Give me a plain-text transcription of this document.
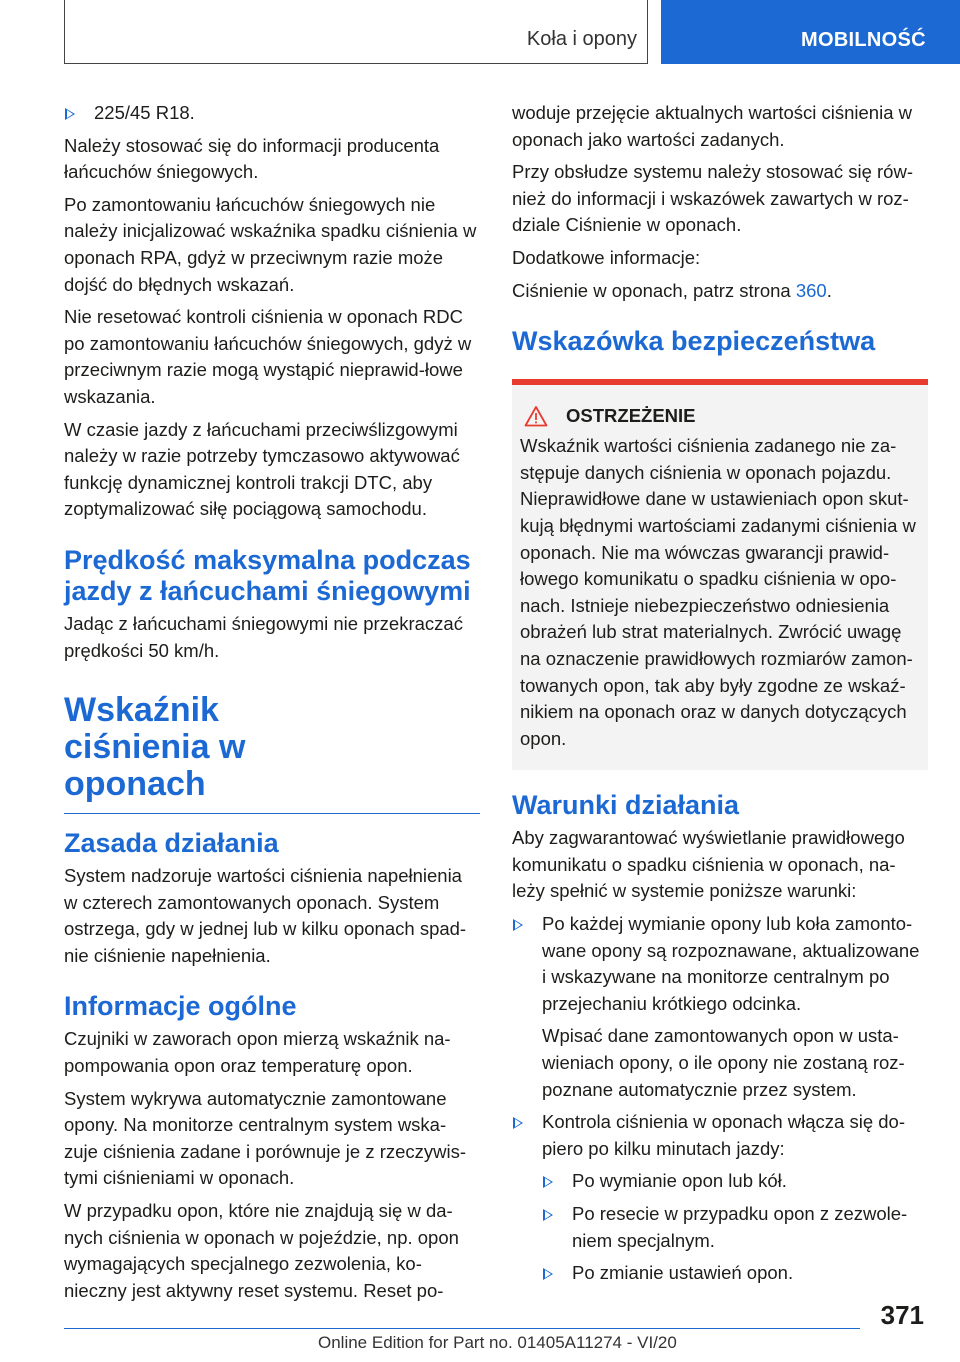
Koła i opony	MOBILNOŚĆ
225/45 R18.

Należy stosować się do informacji producenta łańcuchów śniegowych.

Po zamontowaniu łańcuchów śniegowych nie należy inicjalizować wskaźnika spadku ciśnienia w oponach RPA, gdyż w przeciwnym razie może dojść do błędnych wskazań.

Nie resetować kontroli ciśnienia w oponach RDC po zamontowaniu łańcuchów śniegowych, gdyż w przeciwnym razie mogą wystąpić nieprawid-łowe wskazania.

W czasie jazdy z łańcuchami przeciwślizgowymi należy w razie potrzeby tymczasowo aktywować funkcję dynamicznej kontroli trakcji DTC, aby zoptymalizować siłę pociągową samochodu.

Prędkość maksymalna podczas jazdy z łańcuchami śniegowymi

Jadąc z łańcuchami śniegowymi nie przekraczać prędkości 50 km/h.

Wskaźnik ciśnienia w oponach
Zasada działania

System nadzoruje wartości ciśnienia napełnienia w czterech zamontowanych oponach. System ostrzega, gdy w jednej lub w kilku oponach spad-nie ciśnienie napełnienia.

Informacje ogólne

Czujniki w zaworach opon mierzą wskaźnik na-pompowania opon oraz temperaturę opon.

System wykrywa automatycznie zamontowane opony. Na monitorze centralnym system wska-zuje ciśnienia zadane i porównuje je z rzeczywis-tymi ciśnieniami w oponach.

W przypadku opon, które nie znajdują się w da-nych ciśnienia w oponach w pojeździe, np. opon wymagających specjalnego zezwolenia, ko-nieczny jest aktywny reset systemu. Reset po-

woduje przejęcie aktualnych wartości ciśnienia w oponach jako wartości zadanych.

Przy obsłudze systemu należy stosować się rów-nież do informacji i wskazówek zawartych w roz-dziale Ciśnienie w oponach.

Dodatkowe informacje:

Ciśnienie w oponach, patrz strona 360.

Wskazówka bezpieczeństwa
OSTRZEŻENIE

Wskaźnik wartości ciśnienia zadanego nie za-stępuje danych ciśnienia w oponach pojazdu. Nieprawidłowe dane w ustawieniach opon skut-kują błędnymi wartościami zadanymi ciśnienia w oponach. Nie ma wówczas gwarancji prawid-łowego komunikatu o spadku ciśnienia w opo-nach. Istnieje niebezpieczeństwo odniesienia obrażeń lub strat materialnych. Zwrócić uwagę na oznaczenie prawidłowych rozmiarów zamon-towanych opon, tak aby były zgodne ze wskaź-nikiem na oponach oraz w danych dotyczących opon.

Warunki działania

Aby zagwarantować wyświetlanie prawidłowego komunikatu o spadku ciśnienia w oponach, na-leży spełnić w systemie poniższe warunki:

Po każdej wymianie opony lub koła zamonto-wane opony są rozpoznawane, aktualizowane i wskazywane na monitorze centralnym po przejechaniu krótkiego odcinka.

Wpisać dane zamontowanych opon w usta-wieniach opony, o ile opony nie zostaną roz-poznane automatycznie przez system.

Kontrola ciśnienia w oponach włącza się do-piero po kilku minutach jazdy:
Po wymianie opon lub kół.
Po resecie w przypadku opon z zezwole-niem specjalnym.
Po zmianie ustawień opon.
371
Online Edition for Part no. 01405A11274 - VI/20
